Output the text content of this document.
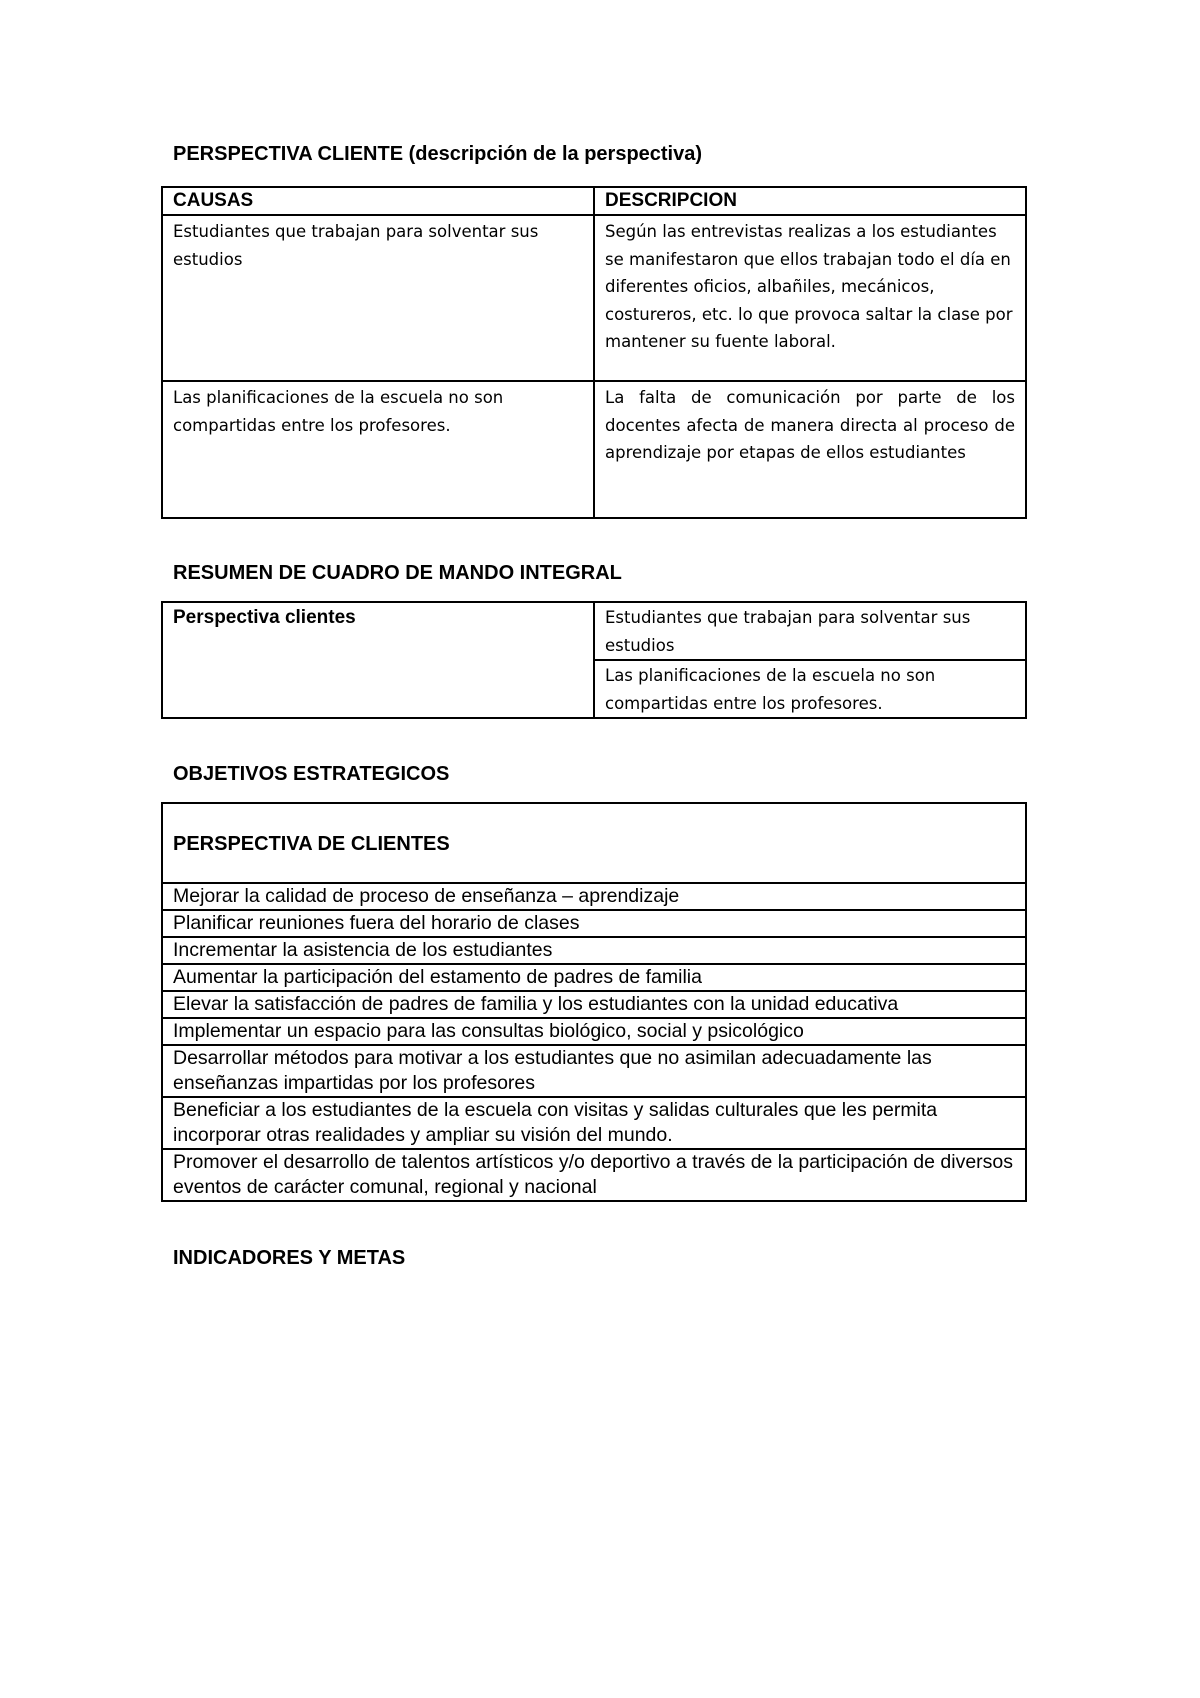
PERSPECTIVA CLIENTE (descripción de la perspectiva)
CAUSAS	DESCRIPCION
Estudiantes que trabajan para solventar sus estudios	Según las entrevistas realizas a los estudiantes se manifestaron que ellos trabajan todo el día en diferentes oficios, albañiles, mecánicos, costureros, etc. lo que provoca saltar la clase por mantener su fuente laboral.
Las planificaciones de la escuela no son compartidas entre los profesores.	La falta de comunicación por parte de los docentes afecta de manera directa al proceso de aprendizaje por etapas de ellos estudiantes
RESUMEN DE CUADRO DE MANDO INTEGRAL
Perspectiva clientes	Estudiantes que trabajan para solventar sus estudios
Las planificaciones de la escuela no son compartidas entre los profesores.
OBJETIVOS ESTRATEGICOS
PERSPECTIVA DE CLIENTES
Mejorar la calidad de proceso de enseñanza – aprendizaje
Planificar reuniones fuera del horario de clases
Incrementar la asistencia de los estudiantes
Aumentar la participación del estamento de padres de familia
Elevar la satisfacción de padres de familia y los estudiantes con la unidad educativa
Implementar un espacio para las consultas biológico, social y psicológico
Desarrollar métodos para motivar a los estudiantes que no asimilan adecuadamente las enseñanzas impartidas por los profesores
Beneficiar a los estudiantes de la escuela con visitas y salidas culturales que les permita incorporar otras realidades y ampliar su visión del mundo.
Promover el desarrollo de talentos artísticos y/o deportivo a través de la participación de diversos eventos de carácter comunal, regional y nacional
INDICADORES Y METAS
